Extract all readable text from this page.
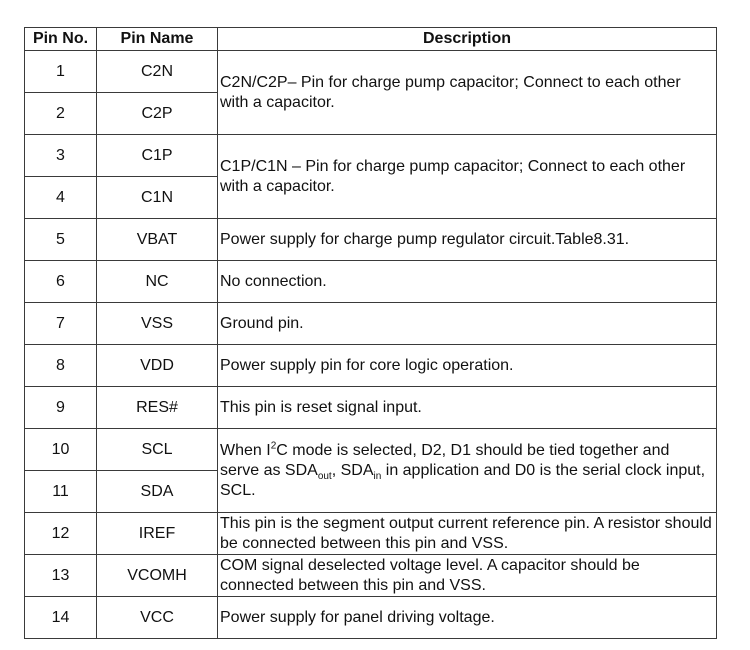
Pin No.	Pin Name	Description
1	C2N	C2N/C2P– Pin for charge pump capacitor; Connect to each other with a capacitor.
2	C2P	
3	C1P	C1P/C1N – Pin for charge pump capacitor; Connect to each other with a capacitor.
4	C1N	
5	VBAT	Power supply for charge pump regulator circuit.Table8.31.
6	NC	No connection.
7	VSS	Ground pin.
8	VDD	Power supply pin for core logic operation.
9	RES#	This pin is reset signal input.
10	SCL	When $I^2C$ mode is selected, D2, D1 should be tied together and serve as $SDA_{out}$, $SDA_{in}$ in application and D0 is the serial clock input, SCL.
11	SDA	
12	IREF	This pin is the segment output current reference pin. A resistor should be connected between this pin and VSS.
13	VCOMH	COM signal deselected voltage level. A capacitor should be connected between this pin and VSS.
14	VCC	Power supply for panel driving voltage.
